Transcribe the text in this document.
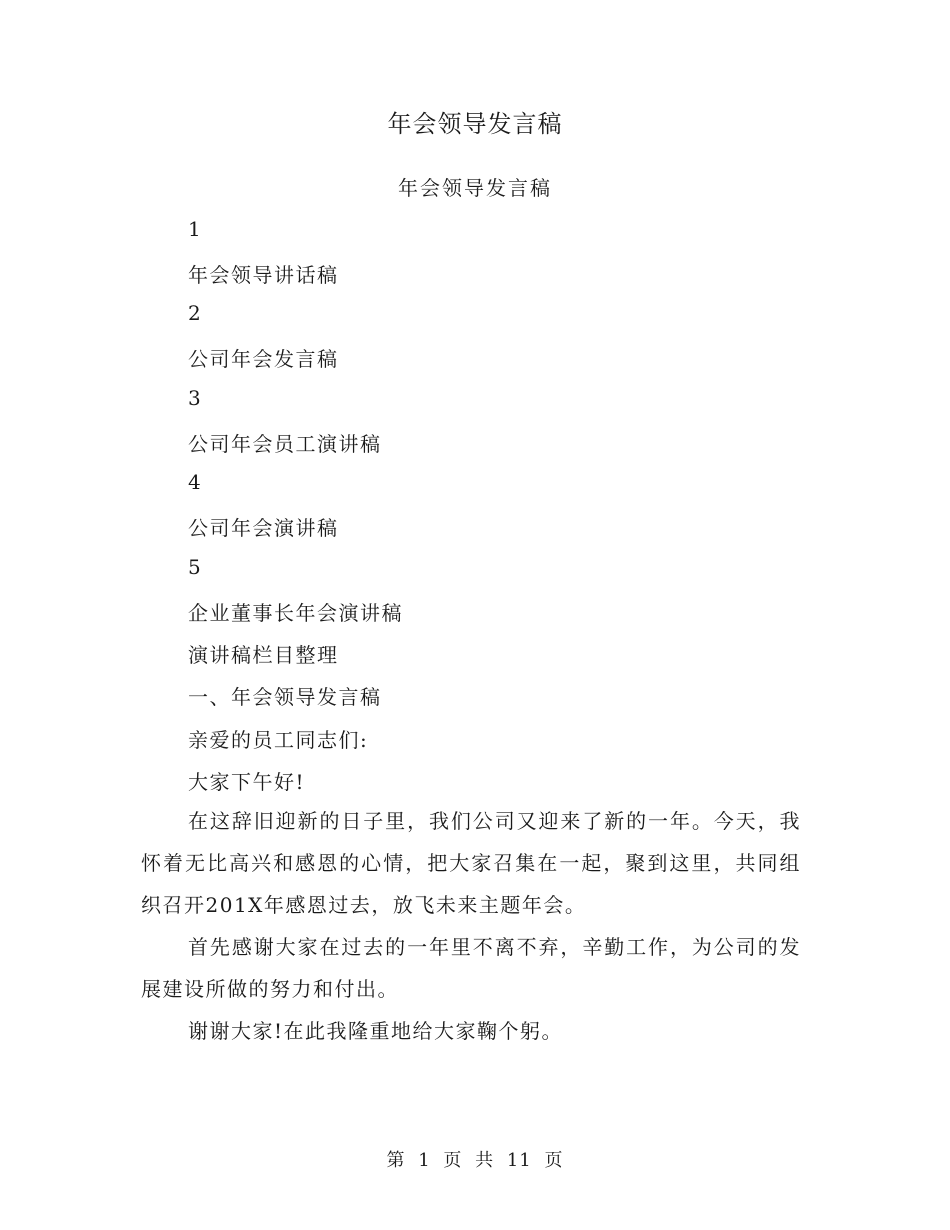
年会领导发言稿
年会领导发言稿
1
年会领导讲话稿
2
公司年会发言稿
3
公司年会员工演讲稿
4
公司年会演讲稿
5
企业董事长年会演讲稿
演讲稿栏目整理
一、年会领导发言稿
亲爱的员工同志们:
大家下午好!
在这辞旧迎新的日子里，我们公司又迎来了新的一年。今天，我怀着无比高兴和感恩的心情，把大家召集在一起，聚到这里，共同组织召开201X年感恩过去，放飞未来主题年会。
首先感谢大家在过去的一年里不离不弃，辛勤工作，为公司的发展建设所做的努力和付出。
谢谢大家!在此我隆重地给大家鞠个躬。
第 1 页 共 11 页
